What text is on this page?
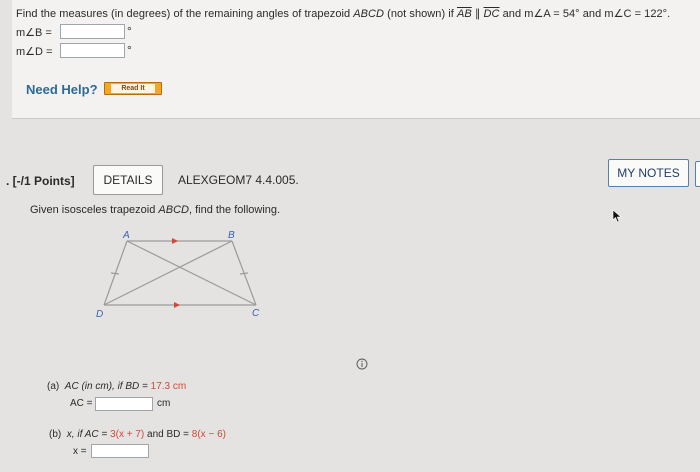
Find the measures (in degrees) of the remaining angles of trapezoid ABCD (not shown) if $\overline{AB}$ ∥ $\overline{DC}$ and m∠A = 54° and m∠C = 122°.
m∠B =	°
m∠D =	°
Need Help?	Read It
. [-/1 Points]	DETAILS	ALEXGEOM7 4.4.005.	MY NOTES
Given isosceles trapezoid ABCD, find the following.
A	B
C
D
(a) AC (in cm), if BD = 17.3 cm
AC =	cm
(b) x, if AC = 3(x + 7) and BD = 8(x − 6)
x =
